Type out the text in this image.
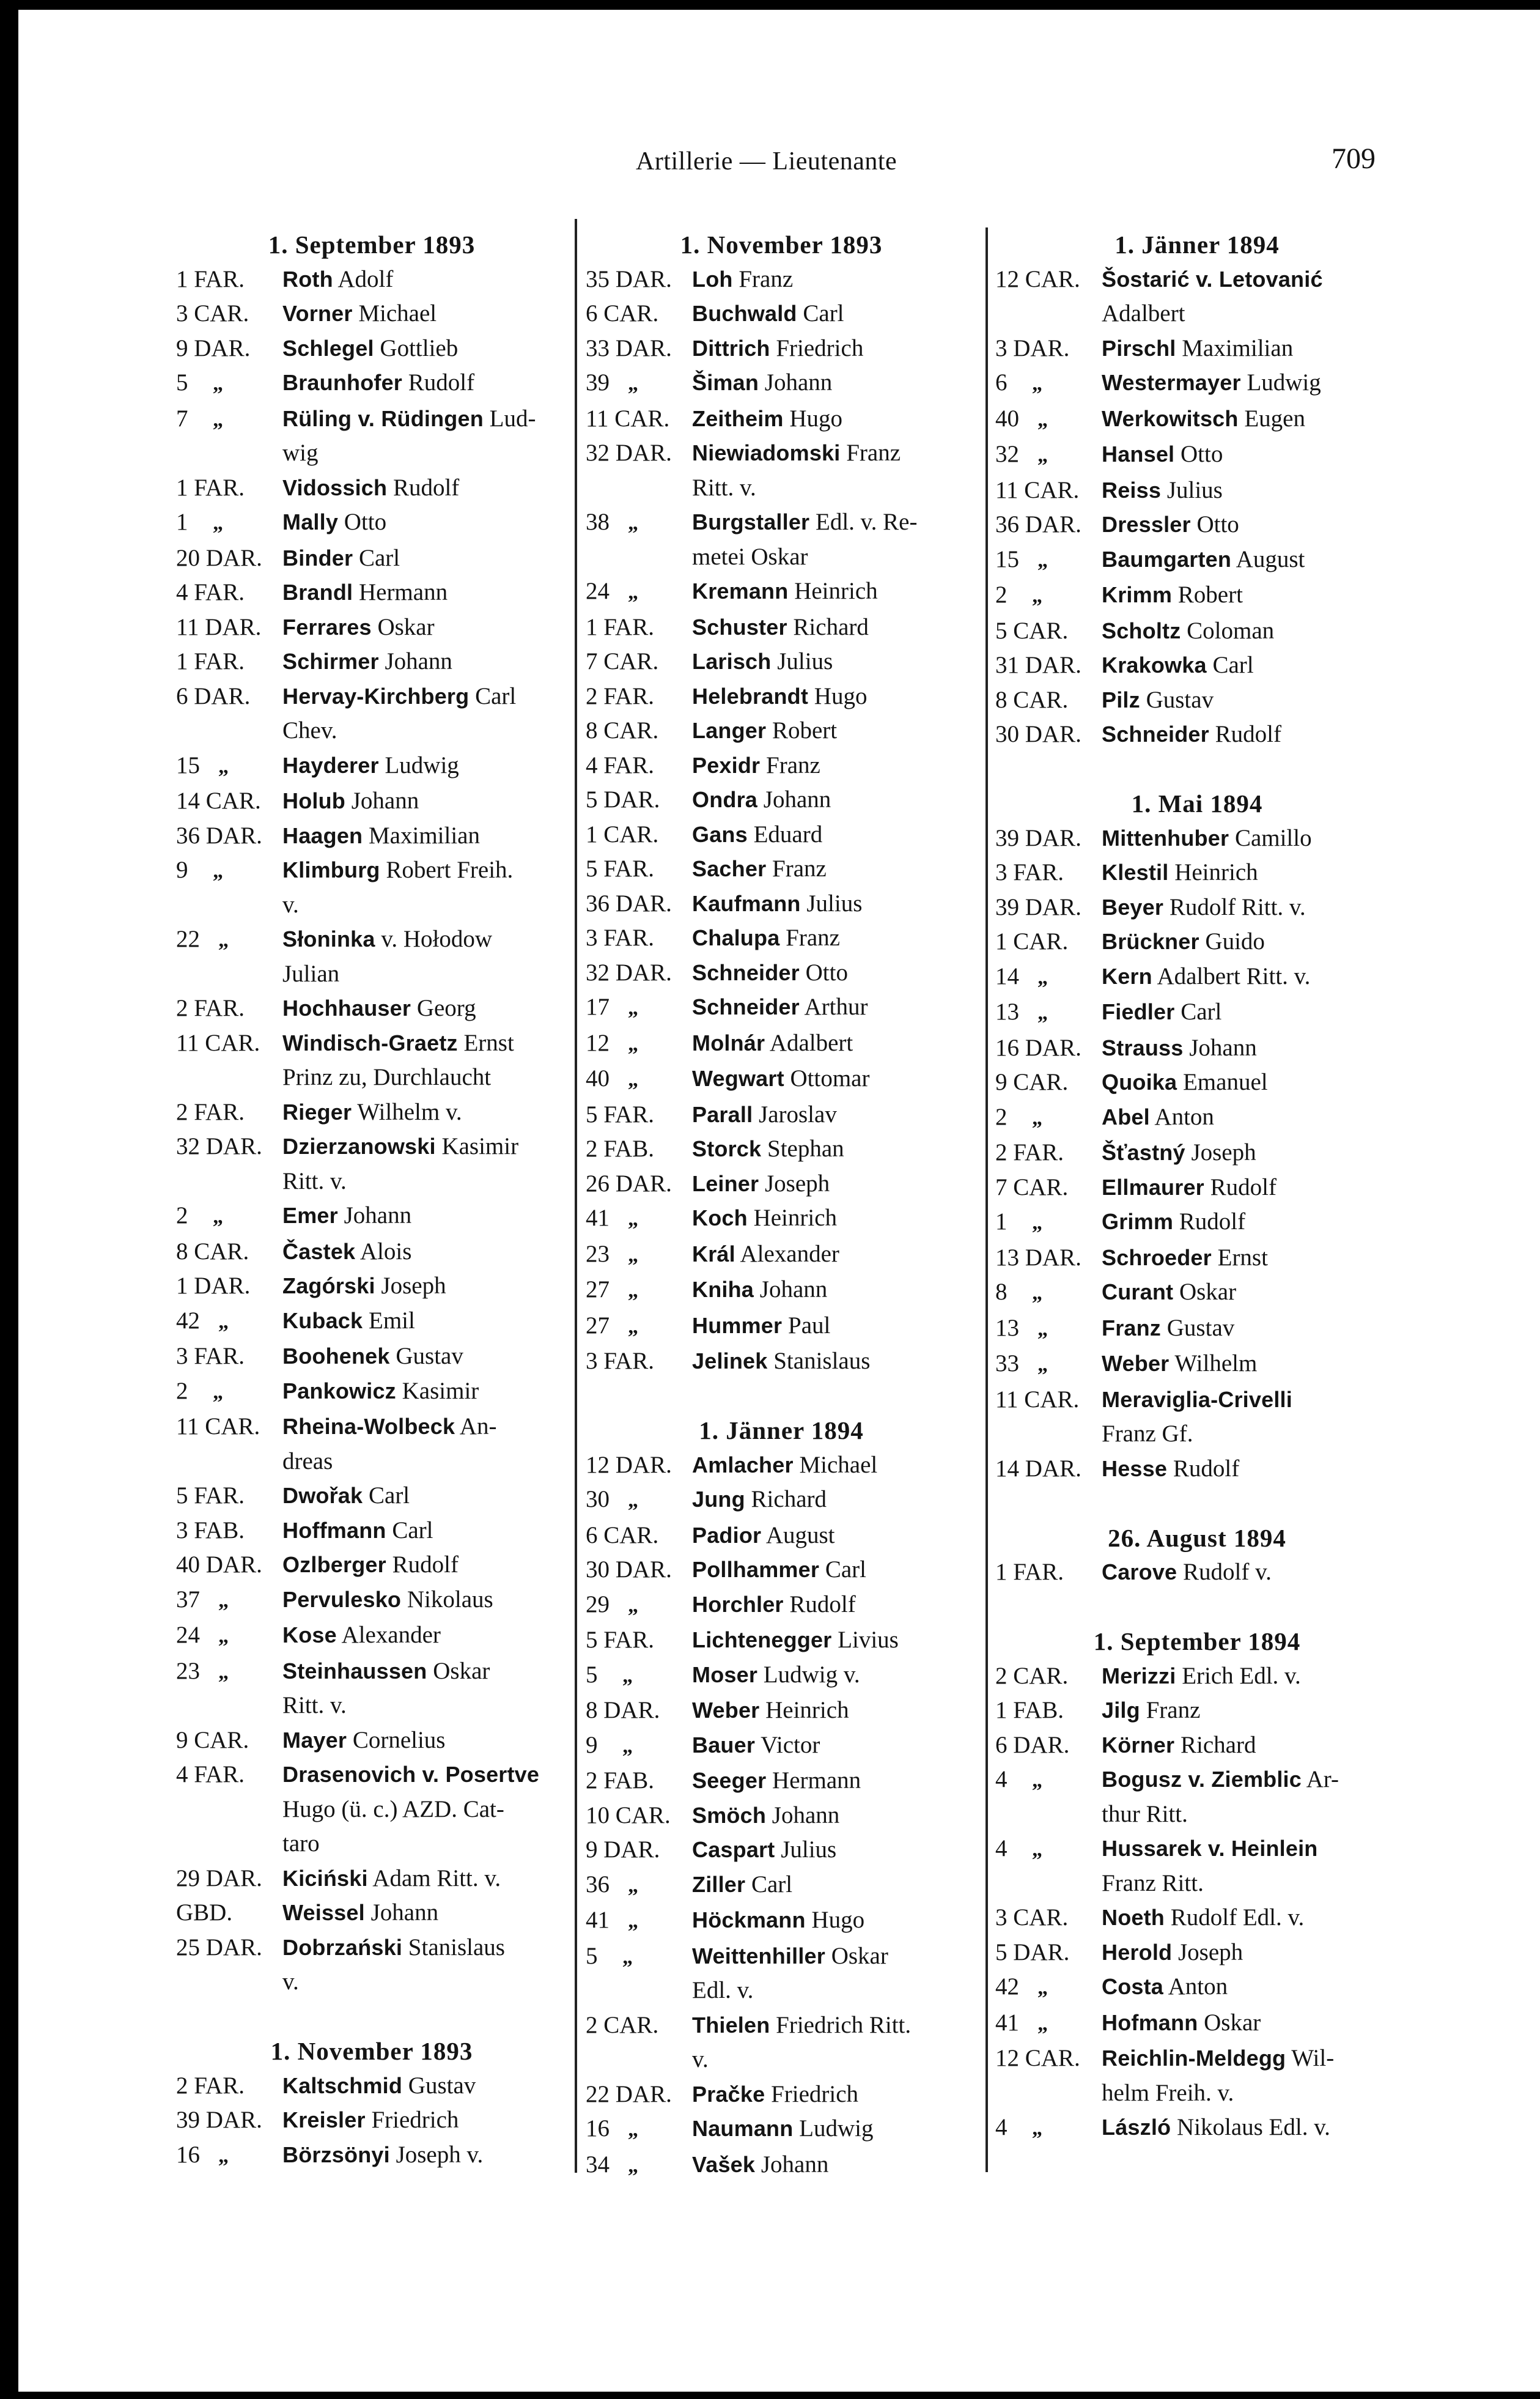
Artillerie — Lieutenante	709
1. September 1893
1 FAR.	Roth Adolf
3 CAR.	Vorner Michael
9 DAR.	Schlegel Gottlieb
5 „	Braunhofer Rudolf
7 „	Rüling v. Rüdingen Lud-
wig
1 FAR.	Vidossich Rudolf
1 „	Mally Otto
20 DAR. Binder Carl
4 FAR.	Brandl Hermann
11 DAR. Ferrares Oskar
1 FAR.	Schirmer Johann
6 DAR.	Hervay-Kirchberg Carl
Chev.
15 „	Hayderer Ludwig
14 CAR. Holub Johann
36 DAR. Haagen Maximilian
9 „	Klimburg Robert Freih.
v.
22 „	Słoninka v. Hołodow
Julian
2 FAR.	Hochhauser Georg
11 CAR.	Windisch-Graetz Ernst
Prinz zu, Durchlaucht
2 FAR.	Rieger Wilhelm v.
32 DAR. Dzierzanowski Kasimir
Ritt. v.
2 „	Emer Johann
8 CAR.	Častek Alois
1 DAR.	Zagórski Joseph
42 „	Kuback Emil
3 FAR.	Boohenek Gustav
2 „	Pankowicz Kasimir
11 CAR.	Rheina-Wolbeck An-
dreas
5 FAR.	Dwořak Carl
3 FAB.	Hoffmann Carl
40 DAR. Ozlberger Rudolf
37 „	Pervulesko Nikolaus
24 „	Kose Alexander
23 „	Steinhaussen Oskar
Ritt. v.
9 CAR.	Mayer Cornelius
4 FAR.	Drasenovich v. Posertve
Hugo (ü. c.) AZD. Cat-
taro
29 DAR. Kiciński Adam Ritt. v.
GBD.	Weissel Johann
25 DAR. Dobrzański Stanislaus
v.
1. November 1893
2 FAR.	Kaltschmid Gustav
39 DAR. Kreisler Friedrich
16 „	Börzsönyi Joseph v.
1. November 1893
35 DAR. Loh Franz
6 CAR.	Buchwald Carl
33 DAR. Dittrich Friedrich
39 „	Šiman Johann
11 CAR.	Zeitheim Hugo
32 DAR. Niewiadomski Franz
Ritt. v.
38 „	Burgstaller Edl. v. Re-
metei Oskar
24 „	Kremann Heinrich
1 FAR.	Schuster Richard
7 CAR.	Larisch Julius
2 FAR.	Helebrandt Hugo
8 CAR.	Langer Robert
4 FAR.	Pexidr Franz
5 DAR.	Ondra Johann
1 CAR.	Gans Eduard
5 FAR.	Sacher Franz
36 DAR. Kaufmann Julius
3 FAR.	Chalupa Franz
32 DAR. Schneider Otto
17 „	Schneider Arthur
12 „	Molnár Adalbert
40 „	Wegwart Ottomar
5 FAR.	Parall Jaroslav
2 FAB.	Storck Stephan
26 DAR. Leiner Joseph
41 „	Koch Heinrich
23 „	Král Alexander
27 „	Kniha Johann
27 „	Hummer Paul
3 FAR.	Jelinek Stanislaus
1. Jänner 1894
12 DAR. Amlacher Michael
30 „	Jung Richard
6 CAR.	Padior August
30 DAR. Pollhammer Carl
29 „	Horchler Rudolf
5 FAR.	Lichtenegger Livius
5 „	Moser Ludwig v.
8 DAR.	Weber Heinrich
9 „	Bauer Victor
2 FAB.	Seeger Hermann
10 CAR. Smöch Johann
9 DAR.	Caspart Julius
36 „	Ziller Carl
41 „	Höckmann Hugo
5 „	Weittenhiller Oskar
Edl. v.
2 CAR.	Thielen Friedrich Ritt.
v.
22 DAR. Pračke Friedrich
16 „	Naumann Ludwig
34 „	Vašek Johann
1. Jänner 1894
12 CAR. Šostarić v. Letovanić
Adalbert
3 DAR.	Pirschl Maximilian
6 „	Westermayer Ludwig
40 „	Werkowitsch Eugen
32 „	Hansel Otto
11 CAR.	Reiss Julius
36 DAR. Dressler Otto
15 „	Baumgarten August
2 „	Krimm Robert
5 CAR.	Scholtz Coloman
31 DAR. Krakowka Carl
8 CAR.	Pilz Gustav
30 DAR. Schneider Rudolf
1. Mai 1894
39 DAR. Mittenhuber Camillo
3 FAR.	Klestil Heinrich
39 DAR. Beyer Rudolf Ritt. v.
1 CAR.	Brückner Guido
14 „	Kern Adalbert Ritt. v.
13 „	Fiedler Carl
16 DAR. Strauss Johann
9 CAR.	Quoika Emanuel
2 „	Abel Anton
2 FAR.	Šťastný Joseph
7 CAR.	Ellmaurer Rudolf
1 „	Grimm Rudolf
13 DAR. Schroeder Ernst
8 „	Curant Oskar
13 „	Franz Gustav
33 „	Weber Wilhelm
11 CAR.	Meraviglia-Crivelli
Franz Gf.
14 DAR. Hesse Rudolf
26. August 1894
1 FAR.	Carove Rudolf v.
1. September 1894
2 CAR.	Merizzi Erich Edl. v.
1 FAB.	Jilg Franz
6 DAR.	Körner Richard
4 „	Bogusz v. Ziemblic Ar-
thur Ritt.
4 „	Hussarek v. Heinlein
Franz Ritt.
3 CAR.	Noeth Rudolf Edl. v.
5 DAR.	Herold Joseph
42 „	Costa Anton
41 „	Hofmann Oskar
12 CAR. Reichlin-Meldegg Wil-
helm Freih. v.
4 „	László Nikolaus Edl. v.
